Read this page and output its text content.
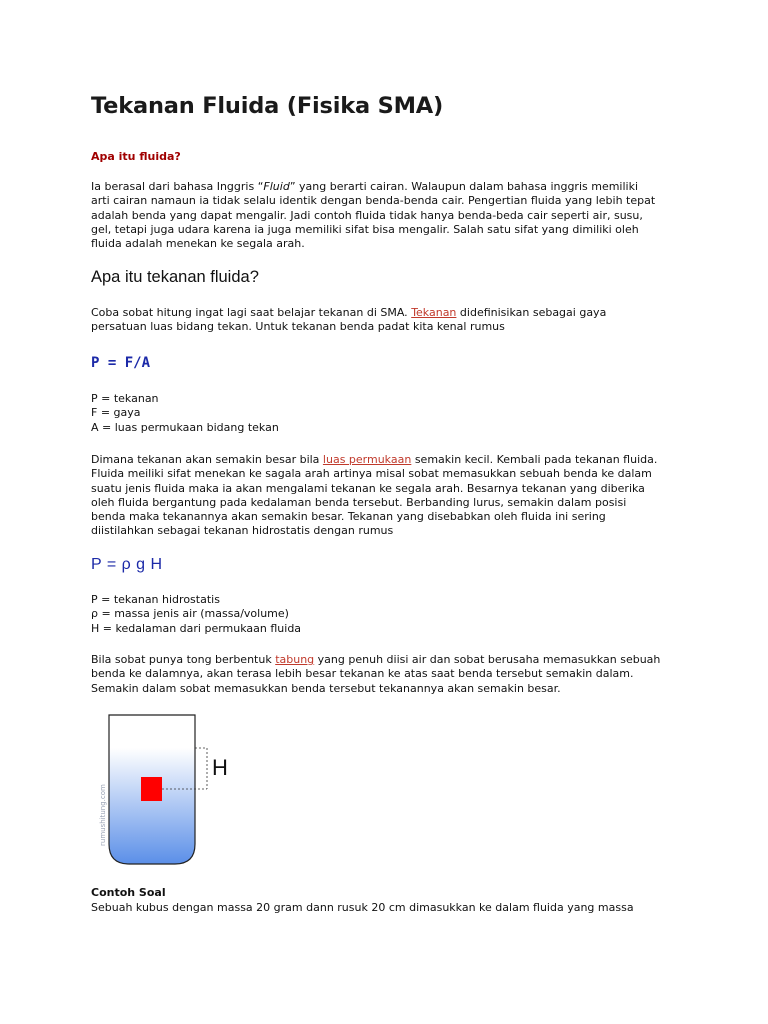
Tekanan Fluida (Fisika SMA)

Apa itu fluida?

Ia berasal dari bahasa Inggris “Fluid” yang berarti cairan. Walaupun dalam bahasa inggris memiliki
arti cairan namaun ia tidak selalu identik dengan benda-benda cair. Pengertian fluida yang lebih tepat
adalah benda yang dapat mengalir. Jadi contoh fluida tidak hanya benda-beda cair seperti air, susu,
gel, tetapi juga udara karena ia juga memiliki sifat bisa mengalir. Salah satu sifat yang dimiliki oleh
fluida adalah menekan ke segala arah.

Apa itu tekanan fluida?

Coba sobat hitung ingat lagi saat belajar tekanan di SMA. Tekanan didefinisikan sebagai gaya
persatuan luas bidang tekan. Untuk tekanan benda padat kita kenal rumus

P = F/A

P = tekanan
F = gaya
A = luas permukaan bidang tekan
Dimana tekanan akan semakin besar bila luas permukaan semakin kecil. Kembali pada tekanan fluida.
Fluida meiliki sifat menekan ke sagala arah artinya misal sobat memasukkan sebuah benda ke dalam
suatu jenis fluida maka ia akan mengalami tekanan ke segala arah. Besarnya tekanan yang diberika
oleh fluida bergantung pada kedalaman benda tersebut. Berbanding lurus, semakin dalam posisi
benda maka tekanannya akan semakin besar. Tekanan yang disebabkan oleh fluida ini sering
diistilahkan sebagai tekanan hidrostatis dengan rumus

P = ρ g H

P = tekanan hidrostatis
ρ = massa jenis air (massa/volume)
H = kedalaman dari permukaan fluida
Bila sobat punya tong berbentuk tabung yang penuh diisi air dan sobat berusaha memasukkan sebuah
benda ke dalamnya, akan terasa lebih besar tekanan ke atas saat benda tersebut semakin dalam.
Semakin dalam sobat memasukkan benda tersebut tekanannya akan semakin besar.

Contoh Soal

Sebuah kubus dengan massa 20 gram dann rusuk 20 cm dimasukkan ke dalam fluida yang massa

H
rumushitung.com
